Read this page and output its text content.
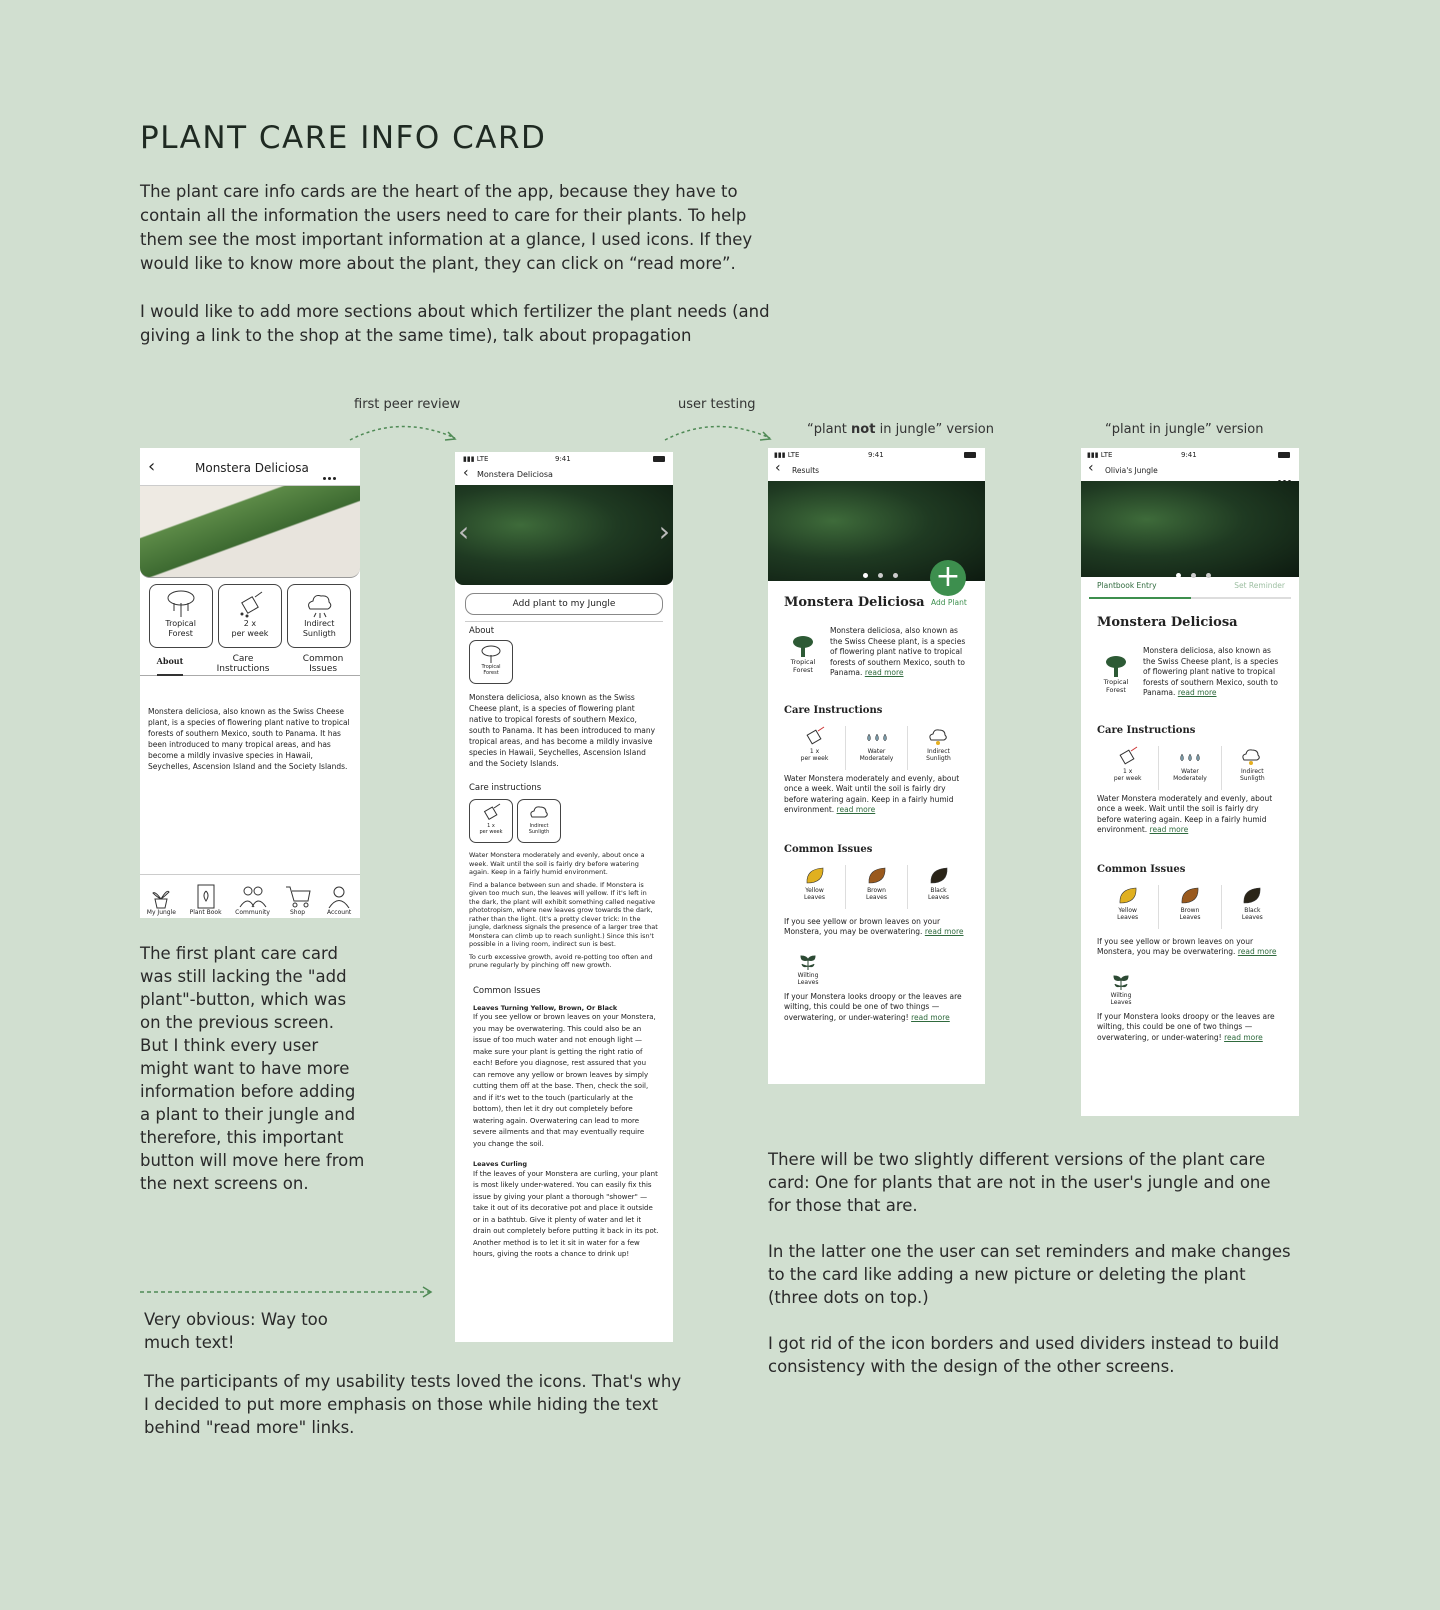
PLANT CARE INFO CARD

The plant care info cards are the heart of the app, because they have to contain all the information the users need to care for their plants. To help them see the most important information at a glance, I used icons. If they would like to know more about the plant, they can click on “read more”.

I would like to add more sections about which fertilizer the plant needs (and giving a link to the shop at the same time), talk about propagation

first peer review	user testing
“plant not in jungle” version	“plant in jungle” version
The first plant care card was still lacking the "add plant"-button, which was on the previous screen. But I think every user might want to have more information before adding a plant to their jungle and therefore, this important button will move here from the next screens on.
Very obvious: Way too much text!
The participants of my usability tests loved the icons. That's why I decided to put more emphasis on those while hiding the text behind "read more" links.

There will be two slightly different versions of the plant care card: One for plants that are not in the user's jungle and one for those that are.

In the latter one the user can set reminders and make changes to the card like adding a new picture or deleting the plant (three dots on top.)

I got rid of the icon borders and used dividers instead to build consistency with the design of the other screens.

‹	Monstera Deliciosa
Tropical
Forest
2 x
per week
Indirect
Sunligth
About	Care
Instructions
Common
Issues
Monstera deliciosa, also known as the Swiss Cheese plant, is a species of flowering plant native to tropical forests of southern Mexico, south to Panama. It has been introduced to many tropical areas, and has become a mildly invasive species in Hawaii, Seychelles, Ascension Island and the Society Islands.
My Jungle Plant Book Community	Shop	Account
▮▮▮ LTE	9:41
‹ Monstera Deliciosa
‹	›
Add plant to my Jungle
About
Tropical
Forest
Monstera deliciosa, also known as the Swiss Cheese plant, is a species of flowering plant native to tropical forests of southern Mexico, south to Panama. It has been introduced to many tropical areas, and has become a mildly invasive species in Hawaii, Seychelles, Ascension Island and the Society Islands.
Care instructions
1 x
per week
Indirect
Sunligth
Water Monstera moderately and evenly, about once a week. Wait until the soil is fairly dry before watering again. Keep in a fairly humid environment.
Find a balance between sun and shade. If Monstera is given too much sun, the leaves will yellow. If it's left in the dark, the plant will exhibit something called negative phototropism, where new leaves grow towards the dark, rather than the light. (It's a pretty clever trick: In the jungle, darkness signals the presence of a larger tree that Monstera can climb up to reach sunlight.) Since this isn't possible in a living room, indirect sun is best.
To curb excessive growth, avoid re-potting too often and prune regularly by pinching off new growth.
Common Issues
Leaves Turning Yellow, Brown, Or Black
If you see yellow or brown leaves on your Monstera, you may be overwatering. This could also be an issue of too much water and not enough light — make sure your plant is getting the right ratio of each! Before you diagnose, rest assured that you can remove any yellow or brown leaves by simply cutting them off at the base. Then, check the soil, and if it's wet to the touch (particularly at the bottom), then let it dry out completely before watering again. Overwatering can lead to more severe ailments and that may eventually require you change the soil.
Leaves Curling
If the leaves of your Monstera are curling, your plant is most likely under-watered. You can easily fix this issue by giving your plant a thorough "shower" — take it out of its decorative pot and place it outside or in a bathtub. Give it plenty of water and let it drain out completely before putting it back in its pot. Another method is to let it sit in water for a few hours, giving the roots a chance to drink up!
▮▮▮ LTE	9:41
‹ Results
+
Add Plant
Monstera Deliciosa
Tropical
Forest
Monstera deliciosa, also known as the Swiss Cheese plant, is a species of flowering plant native to tropical forests of southern Mexico, south to Panama. read more
Care Instructions
1 x
per week
Water
Moderately
Indirect
Sunligth
Water Monstera moderately and evenly, about once a week. Wait until the soil is fairly dry before watering again. Keep in a fairly humid environment. read more
Common Issues
Yellow
Leaves
Brown
Leaves
Black
Leaves
If you see yellow or brown leaves on your Monstera, you may be overwatering. read more
Wilting
Leaves
If your Monstera looks droopy or the leaves are wilting, this could be one of two things — overwatering, or under-watering! read more
▮▮▮ LTE	9:41
‹ Olivia's Jungle
Plantbook Entry	Set Reminder
Monstera Deliciosa
Tropical
Forest
Monstera deliciosa, also known as the Swiss Cheese plant, is a species of flowering plant native to tropical forests of southern Mexico, south to Panama. read more
Care Instructions
1 x
per week
Water
Moderately
Indirect
Sunligth
Water Monstera moderately and evenly, about once a week. Wait until the soil is fairly dry before watering again. Keep in a fairly humid environment. read more
Common Issues
Yellow
Leaves
Brown
Leaves
Black
Leaves
If you see yellow or brown leaves on your Monstera, you may be overwatering. read more
Wilting
Leaves
If your Monstera looks droopy or the leaves are wilting, this could be one of two things — overwatering, or under-watering! read more
